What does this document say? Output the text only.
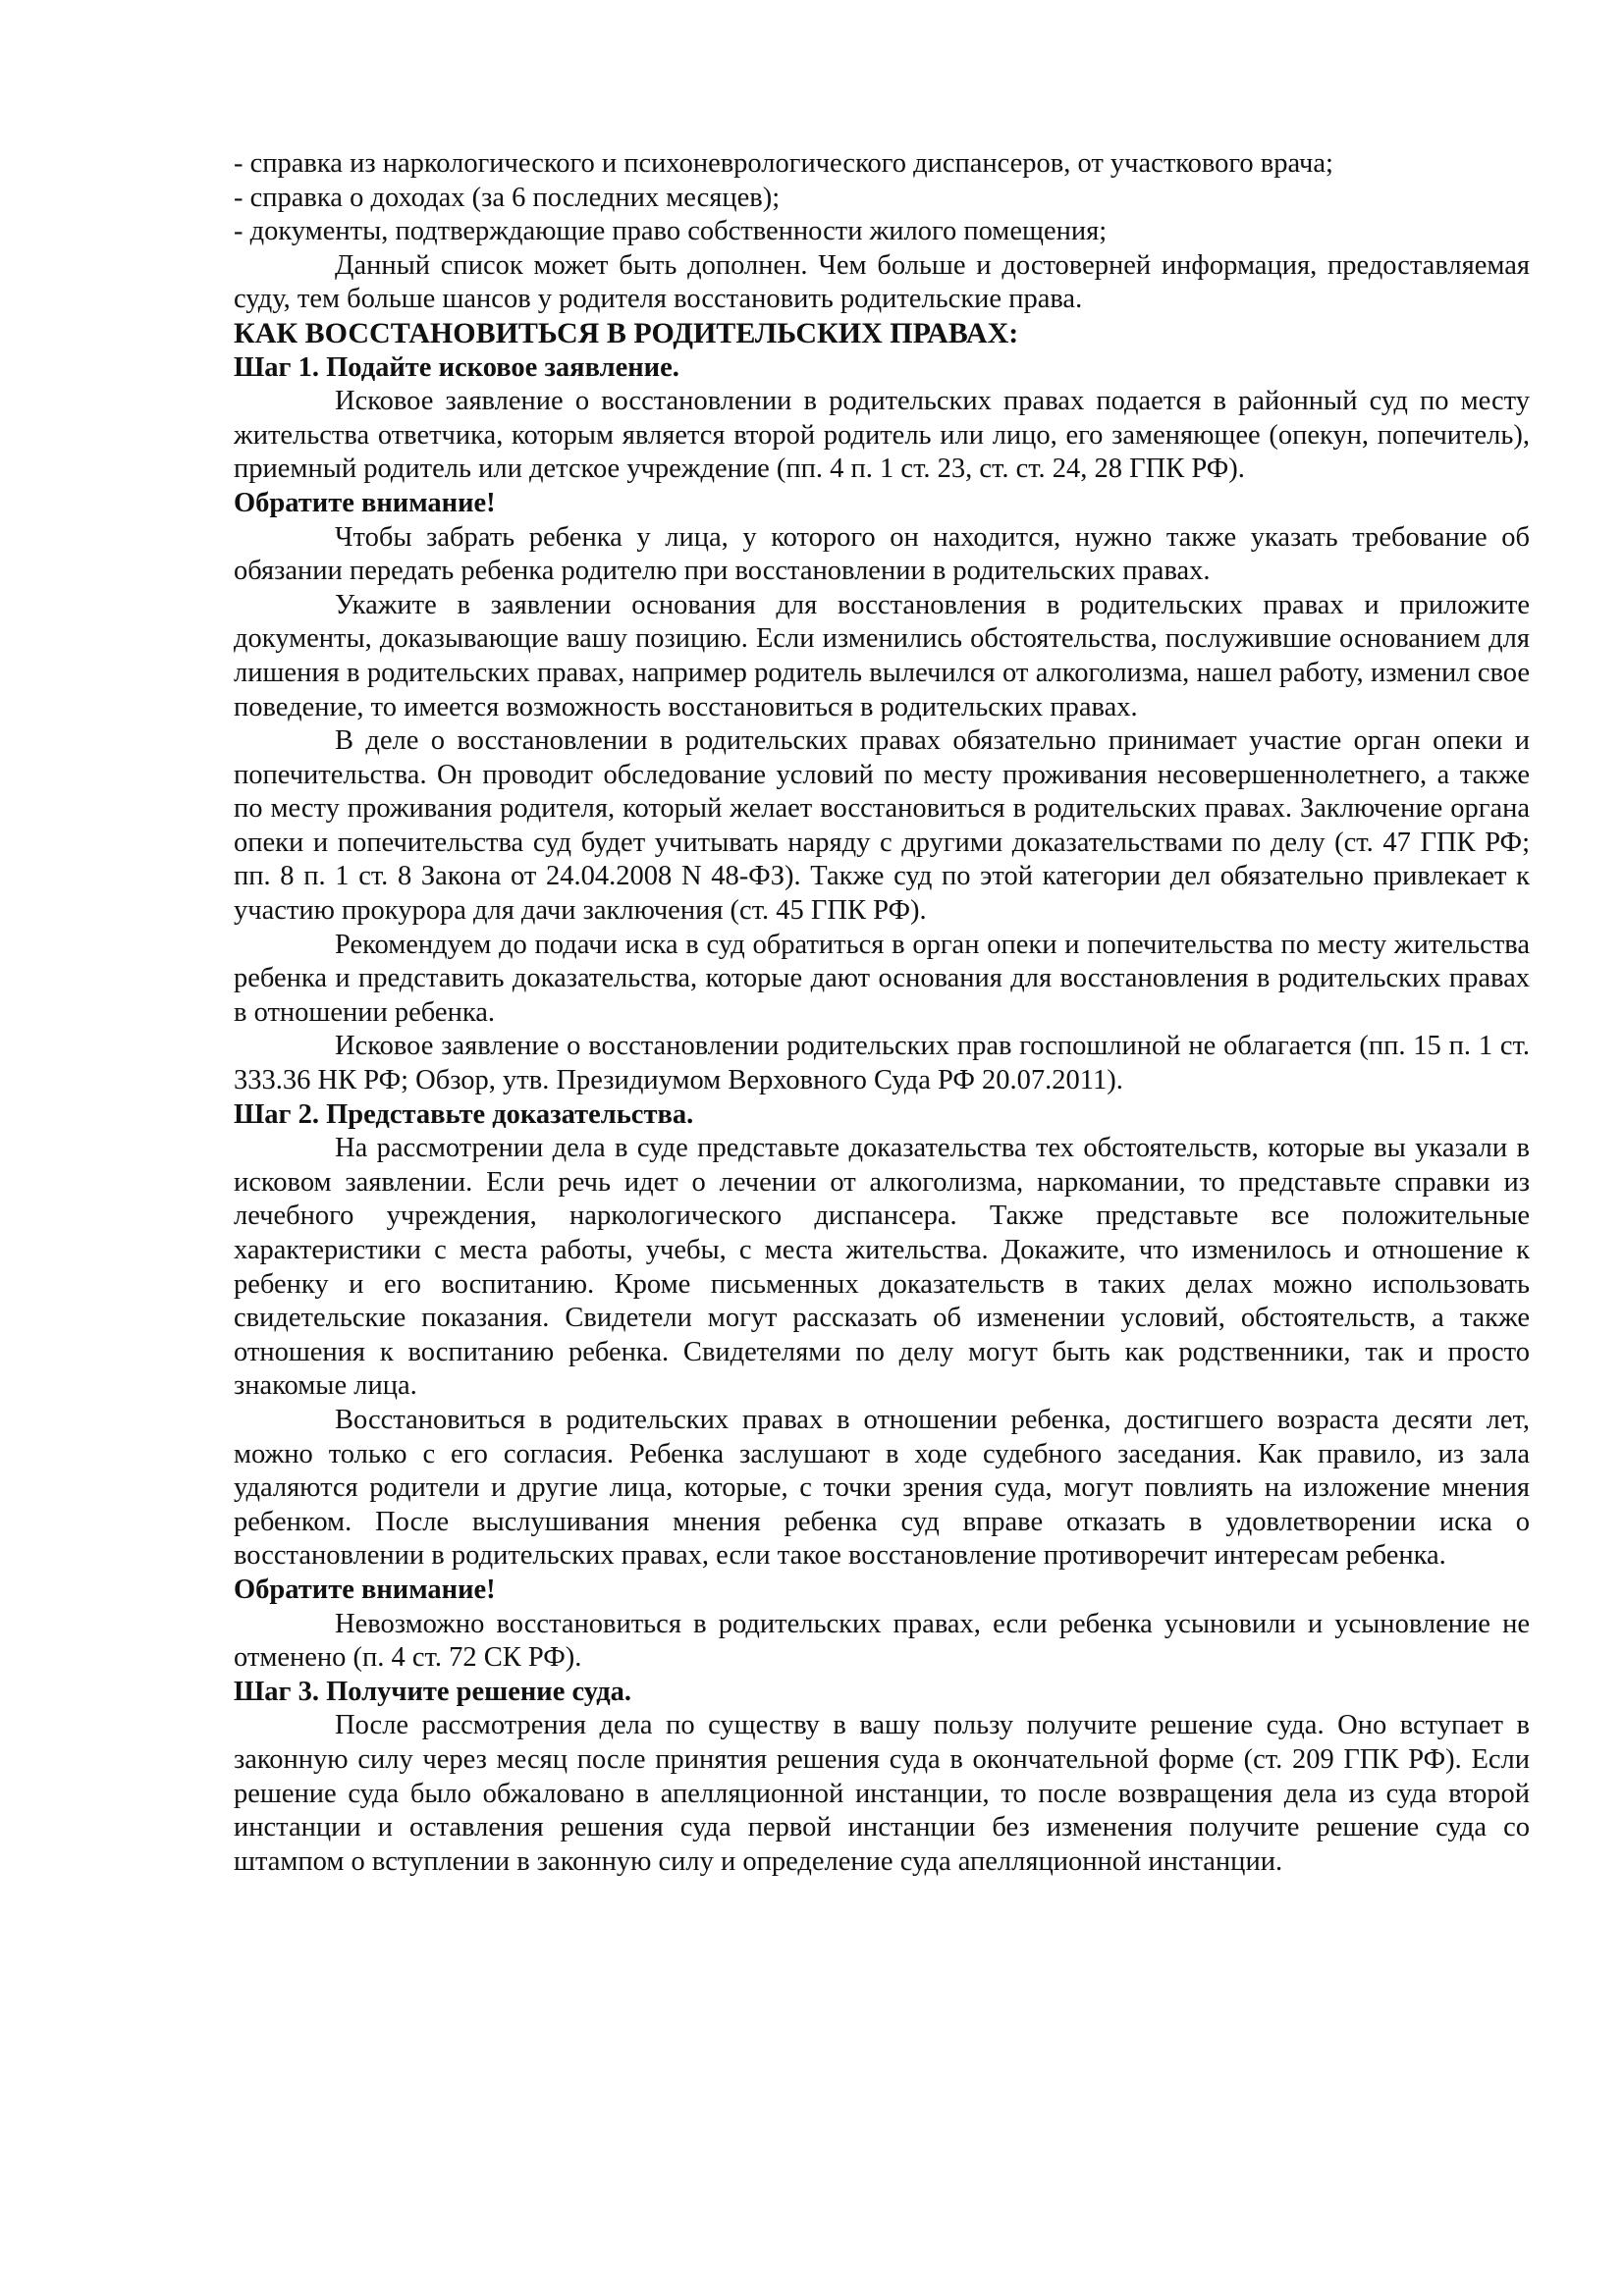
- справка из наркологического и психоневрологического диспансеров, от участкового врача;
- справка о доходах (за 6 последних месяцев);
- документы, подтверждающие право собственности жилого помещения;

Данный список может быть дополнен. Чем больше и достоверней информация, предоставляемая суду, тем больше шансов у родителя восстановить родительские права.

КАК ВОССТАНОВИТЬСЯ В РОДИТЕЛЬСКИХ ПРАВАХ:
Шаг 1. Подайте исковое заявление.

Исковое заявление о восстановлении в родительских правах подается в районный суд по месту жительства ответчика, которым является второй родитель или лицо, его заменяющее (опекун, попечитель), приемный родитель или детское учреждение (пп. 4 п. 1 ст. 23, ст. ст. 24, 28 ГПК РФ).

Обратите внимание!

Чтобы забрать ребенка у лица, у которого он находится, нужно также указать требование об обязании передать ребенка родителю при восстановлении в родительских правах.

Укажите в заявлении основания для восстановления в родительских правах и приложите документы, доказывающие вашу позицию. Если изменились обстоятельства, послужившие основанием для лишения в родительских правах, например родитель вылечился от алкоголизма, нашел работу, изменил свое поведение, то имеется возможность восстановиться в родительских правах.

В деле о восстановлении в родительских правах обязательно принимает участие орган опеки и попечительства. Он проводит обследование условий по месту проживания несовершеннолетнего, а также по месту проживания родителя, который желает восстановиться в родительских правах. Заключение органа опеки и попечительства суд будет учитывать наряду с другими доказательствами по делу (ст. 47 ГПК РФ; пп. 8 п. 1 ст. 8 Закона от 24.04.2008 N 48-ФЗ). Также суд по этой категории дел обязательно привлекает к участию прокурора для дачи заключения (ст. 45 ГПК РФ).

Рекомендуем до подачи иска в суд обратиться в орган опеки и попечительства по месту жительства ребенка и представить доказательства, которые дают основания для восстановления в родительских правах в отношении ребенка.

Исковое заявление о восстановлении родительских прав госпошлиной не облагается (пп. 15 п. 1 ст. 333.36 НК РФ; Обзор, утв. Президиумом Верховного Суда РФ 20.07.2011).

Шаг 2. Представьте доказательства.

На рассмотрении дела в суде представьте доказательства тех обстоятельств, которые вы указали в исковом заявлении. Если речь идет о лечении от алкоголизма, наркомании, то представьте справки из лечебного учреждения, наркологического диспансера. Также представьте все положительные характеристики с места работы, учебы, с места жительства. Докажите, что изменилось и отношение к ребенку и его воспитанию. Кроме письменных доказательств в таких делах можно использовать свидетельские показания. Свидетели могут рассказать об изменении условий, обстоятельств, а также отношения к воспитанию ребенка. Свидетелями по делу могут быть как родственники, так и просто знакомые лица.

Восстановиться в родительских правах в отношении ребенка, достигшего возраста десяти лет, можно только с его согласия. Ребенка заслушают в ходе судебного заседания. Как правило, из зала удаляются родители и другие лица, которые, с точки зрения суда, могут повлиять на изложение мнения ребенком. После выслушивания мнения ребенка суд вправе отказать в удовлетворении иска о восстановлении в родительских правах, если такое восстановление противоречит интересам ребенка.

Обратите внимание!

Невозможно восстановиться в родительских правах, если ребенка усыновили и усыновление не отменено (п. 4 ст. 72 СК РФ).

Шаг 3. Получите решение суда.

После рассмотрения дела по существу в вашу пользу получите решение суда. Оно вступает в законную силу через месяц после принятия решения суда в окончательной форме (ст. 209 ГПК РФ). Если решение суда было обжаловано в апелляционной инстанции, то после возвращения дела из суда второй инстанции и оставления решения суда первой инстанции без изменения получите решение суда со штампом о вступлении в законную силу и определение суда апелляционной инстанции.
